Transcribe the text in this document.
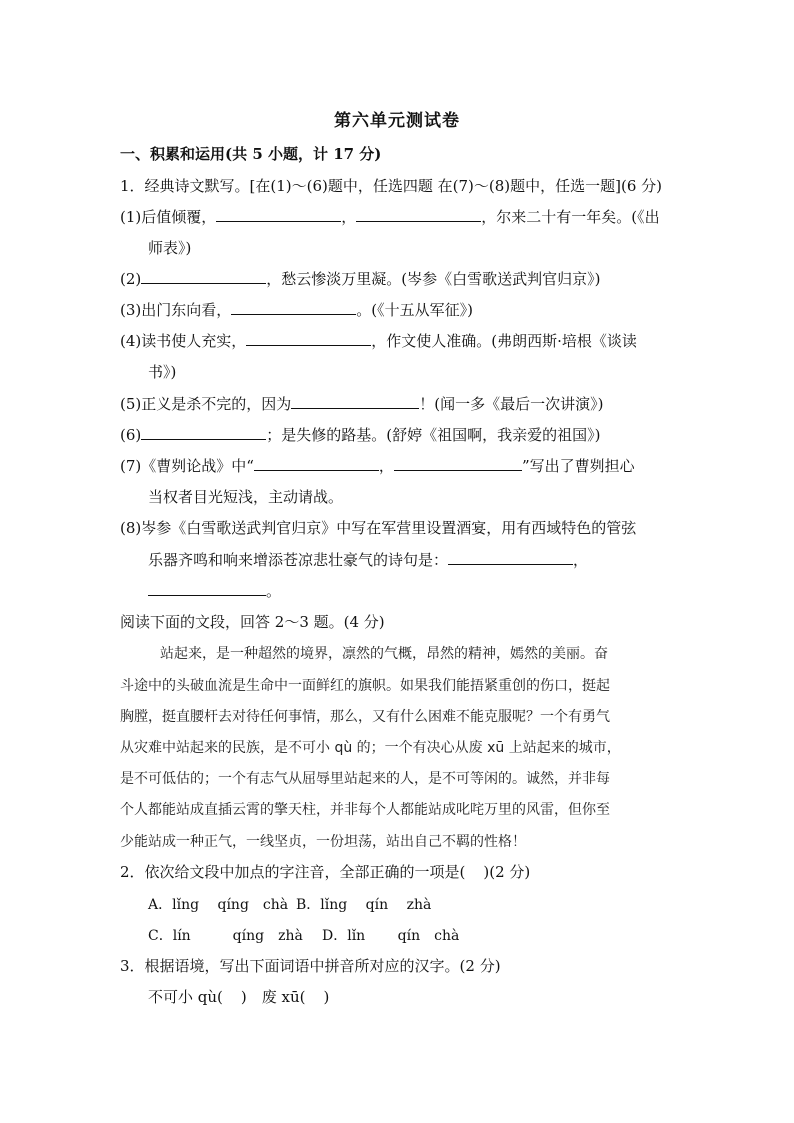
第六单元测试卷
一、积累和运用(共 5 小题，计 17 分)
1．经典诗文默写。[在(1)～(6)题中，任选四题 在(7)～(8)题中，任选一题](6 分)
(1)后值倾覆，	，	，尔来二十有一年矣。(《出
师表》)
(2)	，愁云惨淡万里凝。(岑参《白雪歌送武判官归京》)
(3)出门东向看，	。(《十五从军征》)
(4)读书使人充实，	，作文使人准确。(弗朗西斯·培根《谈读
书》)
(5)正义是杀不完的，因为	！(闻一多《最后一次讲演》)
(6)	；是失修的路基。(舒婷《祖国啊，我亲爱的祖国》)
(7)《曹刿论战》中“	，	”写出了曹刿担心
当权者目光短浅，主动请战。
(8)岑参《白雪歌送武判官归京》中写在军营里设置酒宴，用有西域特色的管弦
乐器齐鸣和响来增添苍凉悲壮豪气的诗句是：	，
。
阅读下面的文段，回答 2～3 题。(4 分)
站起来，是一种超然的境界，凛然的气概，昂然的精神，嫣然的美丽。奋
斗途中的头破血流是生命中一面鲜红的旗帜。如果我们能捂紧重创的伤口，挺起
胸膛，挺直腰杆去对待任何事情，那么，又有什么困难不能克服呢？一个有勇气
从灾难中站起来的民族，是不可小 qù 的；一个有决心从废 xū 上站起来的城市，
是不可低估的；一个有志气从屈辱里站起来的人，是不可等闲的。诚然，并非每
个人都能站成直插云霄的擎天柱，并非每个人都能站成叱咤万里的风雷，但你至
少能站成一种正气，一线坚贞，一份坦荡，站出自己不羁的性格！
2．依次给文段中加点的字注音，全部正确的一项是( )(2 分)
A．lǐng　 qíng　chà B．lǐng　 qín　 zhà
C．lín　　　qíng　zhà D．lǐn　　 qín　chà
3．根据语境，写出下面词语中拼音所对应的汉字。(2 分)
不可小 qù( )　废 xū( )
